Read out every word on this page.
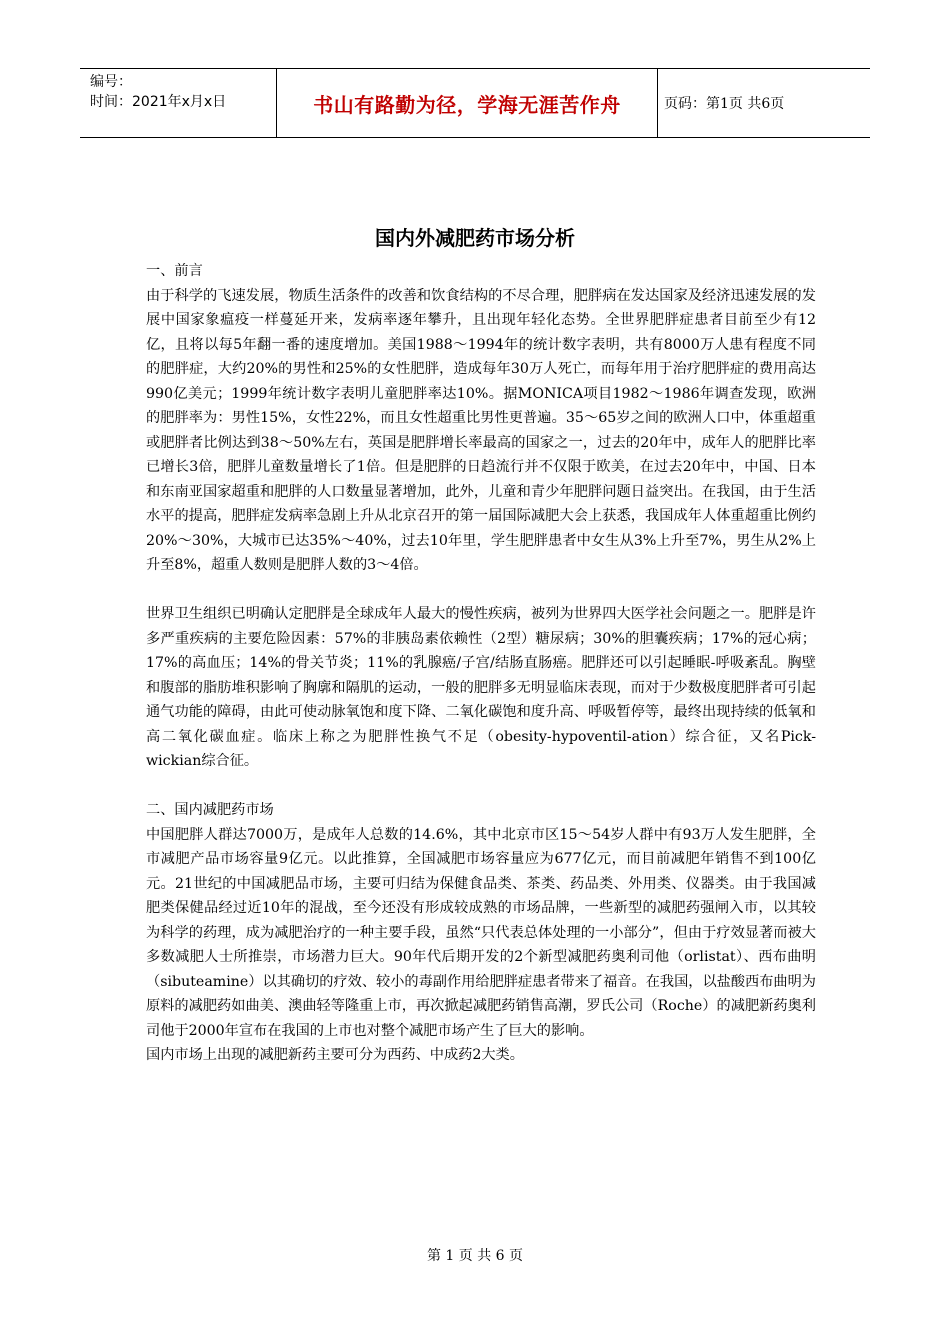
编号：
时间：2021年x月x日	书山有路勤为径，学海无涯苦作舟	页码：第1页 共6页
国内外减肥药市场分析

一、前言

由于科学的飞速发展，物质生活条件的改善和饮食结构的不尽合理，肥胖病在发达国家及经济迅速发展的发展中国家象瘟疫一样蔓延开来，发病率逐年攀升，且出现年轻化态势。全世界肥胖症患者目前至少有12亿，且将以每5年翻一番的速度增加。美国1988～1994年的统计数字表明，共有8000万人患有程度不同的肥胖症，大约20%的男性和25%的女性肥胖，造成每年30万人死亡，而每年用于治疗肥胖症的费用高达990亿美元；1999年统计数字表明儿童肥胖率达10%。据MONICA项目1982～1986年调查发现，欧洲的肥胖率为：男性15%，女性22%，而且女性超重比男性更普遍。35～65岁之间的欧洲人口中，体重超重或肥胖者比例达到38～50%左右，英国是肥胖增长率最高的国家之一，过去的20年中，成年人的肥胖比率已增长3倍，肥胖儿童数量增长了1倍。但是肥胖的日趋流行并不仅限于欧美，在过去20年中，中国、日本和东南亚国家超重和肥胖的人口数量显著增加，此外，儿童和青少年肥胖问题日益突出。在我国，由于生活水平的提高，肥胖症发病率急剧上升从北京召开的第一届国际减肥大会上获悉，我国成年人体重超重比例约20%～30%，大城市已达35%～40%，过去10年里，学生肥胖患者中女生从3%上升至7%，男生从2%上升至8%，超重人数则是肥胖人数的3～4倍。

世界卫生组织已明确认定肥胖是全球成年人最大的慢性疾病，被列为世界四大医学社会问题之一。肥胖是许多严重疾病的主要危险因素：57%的非胰岛素依赖性（2型）糖尿病；30%的胆囊疾病；17%的冠心病；17%的高血压；14%的骨关节炎；11%的乳腺癌/子宫/结肠直肠癌。肥胖还可以引起睡眠-呼吸紊乱。胸壁和腹部的脂肪堆积影响了胸廓和隔肌的运动，一般的肥胖多无明显临床表现，而对于少数极度肥胖者可引起通气功能的障碍，由此可使动脉氧饱和度下降、二氧化碳饱和度升高、呼吸暂停等，最终出现持续的低氧和高二氧化碳血症。临床上称之为肥胖性换气不足（obesity-hypoventil-ation）综合征，又名Pick-wickian综合征。

二、国内减肥药市场

中国肥胖人群达7000万，是成年人总数的14.6%，其中北京市区15～54岁人群中有93万人发生肥胖，全市减肥产品市场容量9亿元。以此推算，全国减肥市场容量应为677亿元，而目前减肥年销售不到100亿元。21世纪的中国减肥品市场，主要可归结为保健食品类、茶类、药品类、外用类、仪器类。由于我国减肥类保健品经过近10年的混战，至今还没有形成较成熟的市场品牌，一些新型的减肥药强闸入市，以其较为科学的药理，成为减肥治疗的一种主要手段，虽然“只代表总体处理的一小部分”，但由于疗效显著而被大多数减肥人士所推崇，市场潜力巨大。90年代后期开发的2个新型减肥药奥利司他（orlistat）、西布曲明（sibuteamine）以其确切的疗效、较小的毒副作用给肥胖症患者带来了福音。在我国，以盐酸西布曲明为原料的减肥药如曲美、澳曲轻等隆重上市，再次掀起减肥药销售高潮，罗氏公司（Roche）的减肥新药奥利司他于2000年宣布在我国的上市也对整个减肥市场产生了巨大的影响。

国内市场上出现的减肥新药主要可分为西药、中成药2大类。

第 1 页 共 6 页
